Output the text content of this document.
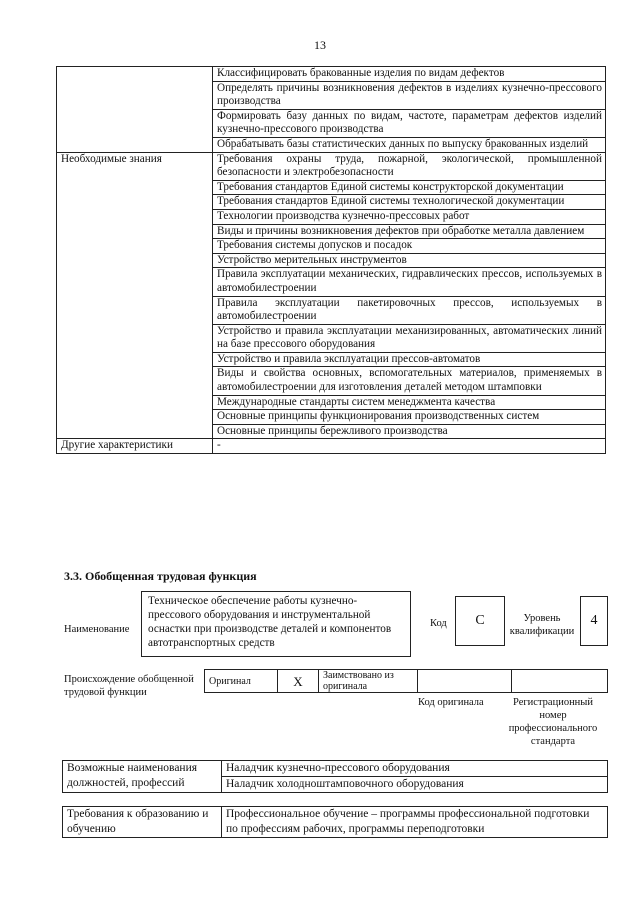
13
	Классифицировать бракованные изделия по видам дефектов
	Определять причины возникновения дефектов в изделиях кузнечно-прессового производства
	Формировать базу данных по видам, частоте, параметрам дефектов изделий кузнечно-прессового производства
	Обрабатывать базы статистических данных по выпуску бракованных изделий
Необходимые знания	Требования охраны труда, пожарной, экологической, промышленной безопасности и электробезопасности
	Требования стандартов Единой системы конструкторской документации
	Требования стандартов Единой системы технологической документации
	Технологии производства кузнечно-прессовых работ
	Виды и причины возникновения дефектов при обработке металла давлением
	Требования системы допусков и посадок
	Устройство мерительных инструментов
	Правила эксплуатации механических, гидравлических прессов, используемых в автомобилестроении
	Правила эксплуатации пакетировочных прессов, используемых в автомобилестроении
	Устройство и правила эксплуатации механизированных, автоматических линий на базе прессового оборудования
	Устройство и правила эксплуатации прессов-автоматов
	Виды и свойства основных, вспомогательных материалов, применяемых в автомобилестроении для изготовления деталей методом штамповки
	Международные стандарты систем менеджмента качества
	Основные принципы функционирования производственных систем
	Основные принципы бережливого производства
Другие характеристики	-
3.3. Обобщенная трудовая функция
Наименование
Техническое обеспечение работы кузнечно-прессового оборудования и инструментальной оснастки при производстве деталей и компонентов автотранспортных средств
Код	C	Уровень квалификации
4
Происхождение обобщенной трудовой функции
Оригинал	X	Заимствовано из оригинала		
Код оригинала	Регистрационный номер профессионального стандарта
Возможные наименования должностей, профессий	Наладчик кузнечно-прессового оборудования
Наладчик холодноштамповочного оборудования
Требования к образованию и обучению	Профессиональное обучение – программы профессиональной подготовки по профессиям рабочих, программы переподготовки
